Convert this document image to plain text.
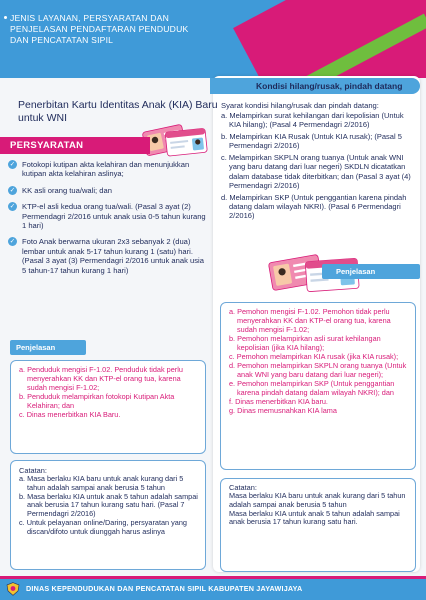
JENIS LAYANAN, PERSYARATAN DAN
PENJELASAN PENDAFTARAN PENDUDUK
DAN PENCATATAN SIPIL
Kondisi hilang/rusak, pindah datang
Penerbitan Kartu Identitas Anak (KIA) Baru untuk WNI
PERSYARATAN
✓ Fotokopi kutipan akta kelahiran dan menunjukkan kutipan akta kelahiran aslinya;
✓ KK asli orang tua/wali; dan
✓ KTP-el asli kedua orang tua/wali. (Pasal 3 ayat (2) Permendagri 2/2016 untuk anak usia 0-5 tahun kurang 1 hari)
✓ Foto Anak berwarna ukuran 2x3 sebanyak 2 (dua) lembar untuk anak 5-17 tahun kurang 1 (satu) hari. (Pasal 3 ayat (3) Permendagri 2/2016 untuk anak usia 5 tahun-17 tahun kurang 1 hari)
Penjelasan
a. Penduduk mengisi F-1.02. Penduduk tidak perlu menyerahkan KK dan KTP-el orang tua, karena sudah mengisi F-1.02;
b. Penduduk melampirkan fotokopi Kutipan Akta Kelahiran; dan
c. Dinas menerbitkan KIA Baru.
Catatan:
a. Masa berlaku KIA baru untuk anak kurang dari 5 tahun adalah sampai anak berusia 5 tahun
b. Masa berlaku KIA untuk anak 5 tahun adalah sampai anak berusia 17 tahun kurang satu hari. (Pasal 7 Permendagri 2/2016)
c. Untuk pelayanan online/Daring, persyaratan yang discan/difoto untuk diunggah harus aslinya
Syarat kondisi hilang/rusak dan pindah datang:
a. Melampirkan surat kehilangan dari kepolisian (Untuk KIA hilang); (Pasal 4 Permendagri 2/2016)
b. Melampirkan KIA Rusak (Untuk KIA rusak); (Pasal 5 Permendagri 2/2016)
c. Melampirkan SKPLN orang tuanya (Untuk anak WNI yang baru datang dari luar negeri) SKDLN dicatatkan dalam database tidak diterbitkan; dan (Pasal 3 ayat (4) Permendagri 2/2016)
d. Melampirkan SKP (Untuk penggantian karena pindah datang dalam wilayah NKRI). (Pasal 6 Permendagri 2/2016)
Penjelasan
a. Pemohon mengisi F-1.02. Pemohon tidak perlu menyerahkan KK dan KTP-el orang tua, karena sudah mengisi F-1.02;
b. Pemohon melampirkan asli surat kehilangan kepolisian (jika KIA hilang);
c. Pemohon melampirkan KIA rusak (jika KIA rusak);
d. Pemohon melampirkan SKPLN orang tuanya (Untuk anak WNI yang baru datang dari luar negeri);
e. Pemohon melampirkan SKP (Untuk penggantian karena pindah datang dalam wilayah NKRI); dan
f. Dinas menerbitkan KIA baru.
g. Dinas memusnahkan KIA lama
Catatan:
Masa berlaku KIA baru untuk anak kurang dari 5 tahun adalah sampai anak berusia 5 tahun
Masa berlaku KIA untuk anak 5 tahun adalah sampai anak berusia 17 tahun kurang satu hari.
DINAS KEPENDUDUKAN DAN PENCATATAN SIPIL KABUPATEN JAYAWIJAYA
